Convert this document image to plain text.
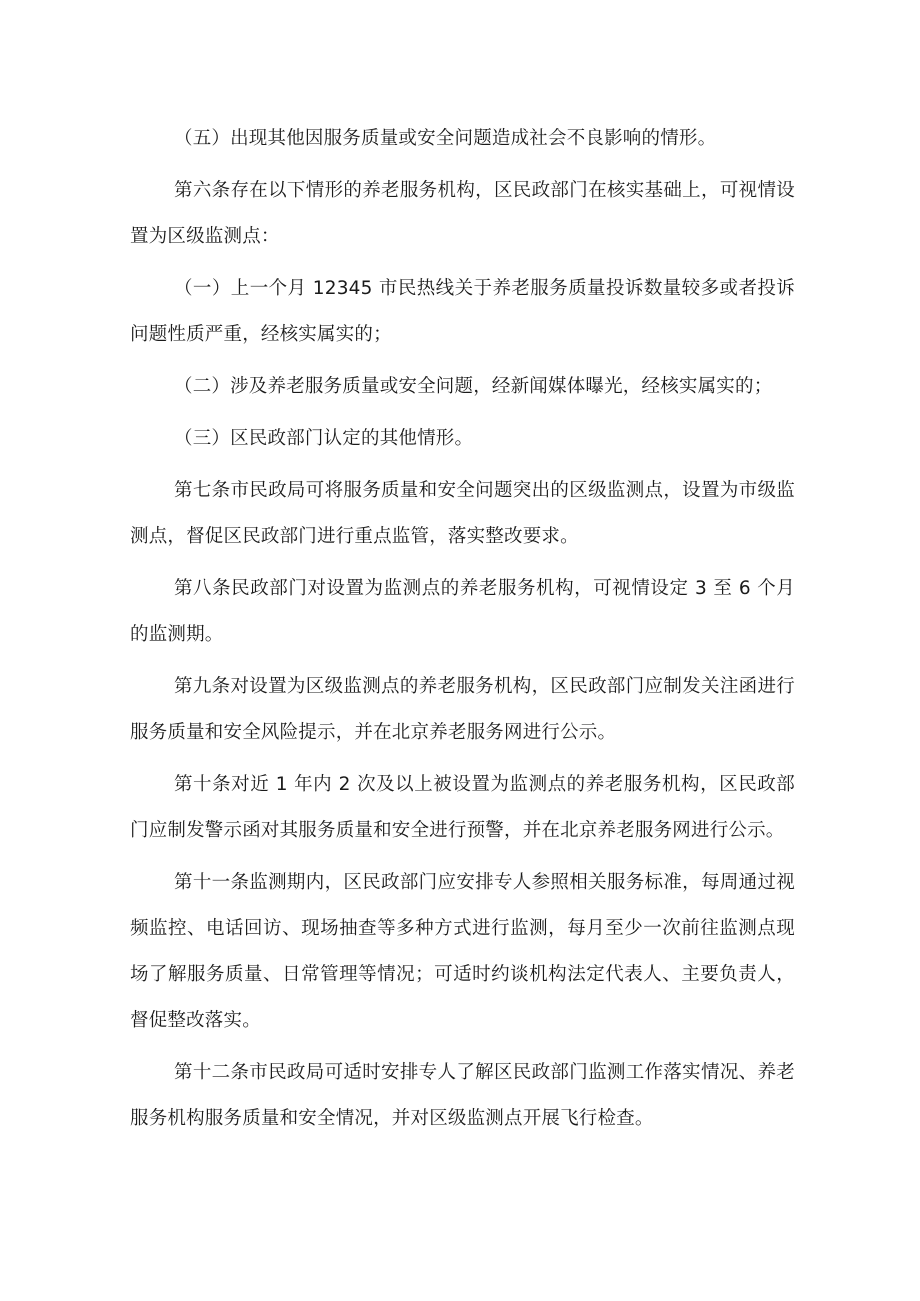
（五）出现其他因服务质量或安全问题造成社会不良影响的情形。

第六条存在以下情形的养老服务机构，区民政部门在核实基础上，可视情设置为区级监测点：

（一）上一个月 12345 市民热线关于养老服务质量投诉数量较多或者投诉问题性质严重，经核实属实的；

（二）涉及养老服务质量或安全问题，经新闻媒体曝光，经核实属实的；

（三）区民政部门认定的其他情形。

第七条市民政局可将服务质量和安全问题突出的区级监测点，设置为市级监测点，督促区民政部门进行重点监管，落实整改要求。

第八条民政部门对设置为监测点的养老服务机构，可视情设定 3 至 6 个月的监测期。

第九条对设置为区级监测点的养老服务机构，区民政部门应制发关注函进行服务质量和安全风险提示，并在北京养老服务网进行公示。

第十条对近 1 年内 2 次及以上被设置为监测点的养老服务机构，区民政部门应制发警示函对其服务质量和安全进行预警，并在北京养老服务网进行公示。

第十一条监测期内，区民政部门应安排专人参照相关服务标准，每周通过视频监控、电话回访、现场抽查等多种方式进行监测，每月至少一次前往监测点现场了解服务质量、日常管理等情况；可适时约谈机构法定代表人、主要负责人，督促整改落实。

第十二条市民政局可适时安排专人了解区民政部门监测工作落实情况、养老服务机构服务质量和安全情况，并对区级监测点开展飞行检查。
